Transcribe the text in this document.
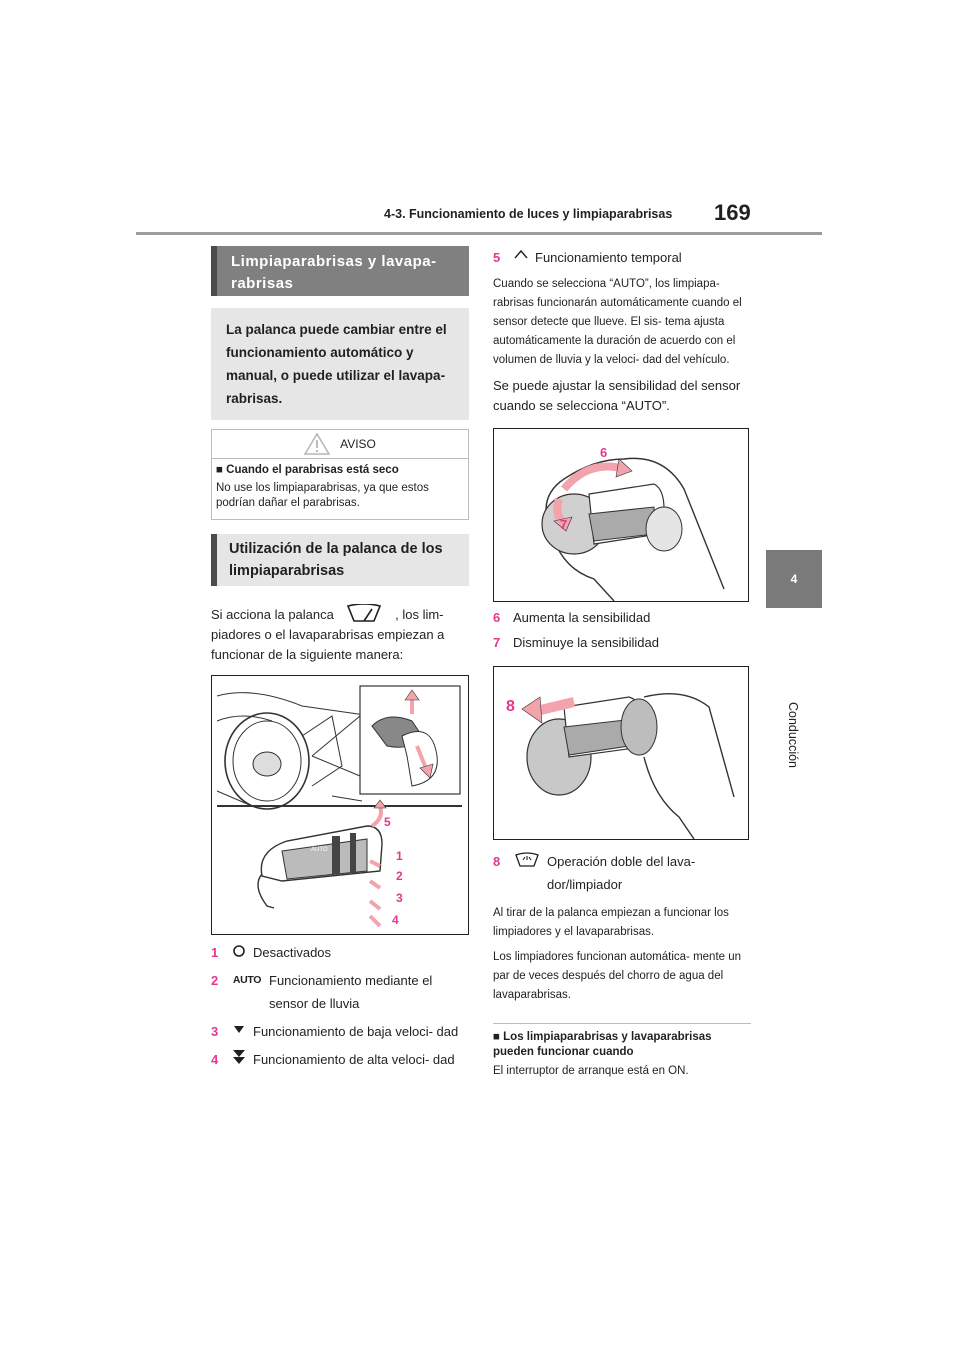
4-3. Funcionamiento de luces y limpiaparabrisas 169
4
Conducción
Limpiaparabrisas y lavapa- rabrisas
La palanca puede cambiar entre el funcionamiento automático y manual, o puede utilizar el lavapa- rabrisas.
AVISO
■ Cuando el parabrisas está seco
No use los limpiaparabrisas, ya que estos podrían dañar el parabrisas.
Utilización de la palanca de los limpiaparabrisas
Si acciona la palanca	, los lim- piadores o el lavaparabrisas empiezan a funcionar de la siguiente manera:
AUTO
5
1
2
3
4
1	Desactivados
2	AUTO Funcionamiento mediante el sensor de lluvia
3	Funcionamiento de baja veloci- dad
4	Funcionamiento de alta veloci- dad
5	Funcionamiento temporal
Cuando se selecciona “AUTO”, los limpiapa- rabrisas funcionarán automáticamente cuando el sensor detecte que llueve. El sis- tema ajusta automáticamente la duración de acuerdo con el volumen de lluvia y la veloci- dad del vehículo.
Se puede ajustar la sensibilidad del sensor cuando se selecciona “AUTO”.
6
7
6 Aumenta la sensibilidad
7 Disminuye la sensibilidad
8
8	Operación doble del lava- dor/limpiador
Al tirar de la palanca empiezan a funcionar los limpiadores y el lavaparabrisas.
Los limpiadores funcionan automática- mente un par de veces después del chorro de agua del lavaparabrisas.
■ Los limpiaparabrisas y lavaparabrisas pueden funcionar cuando
El interruptor de arranque está en ON.
